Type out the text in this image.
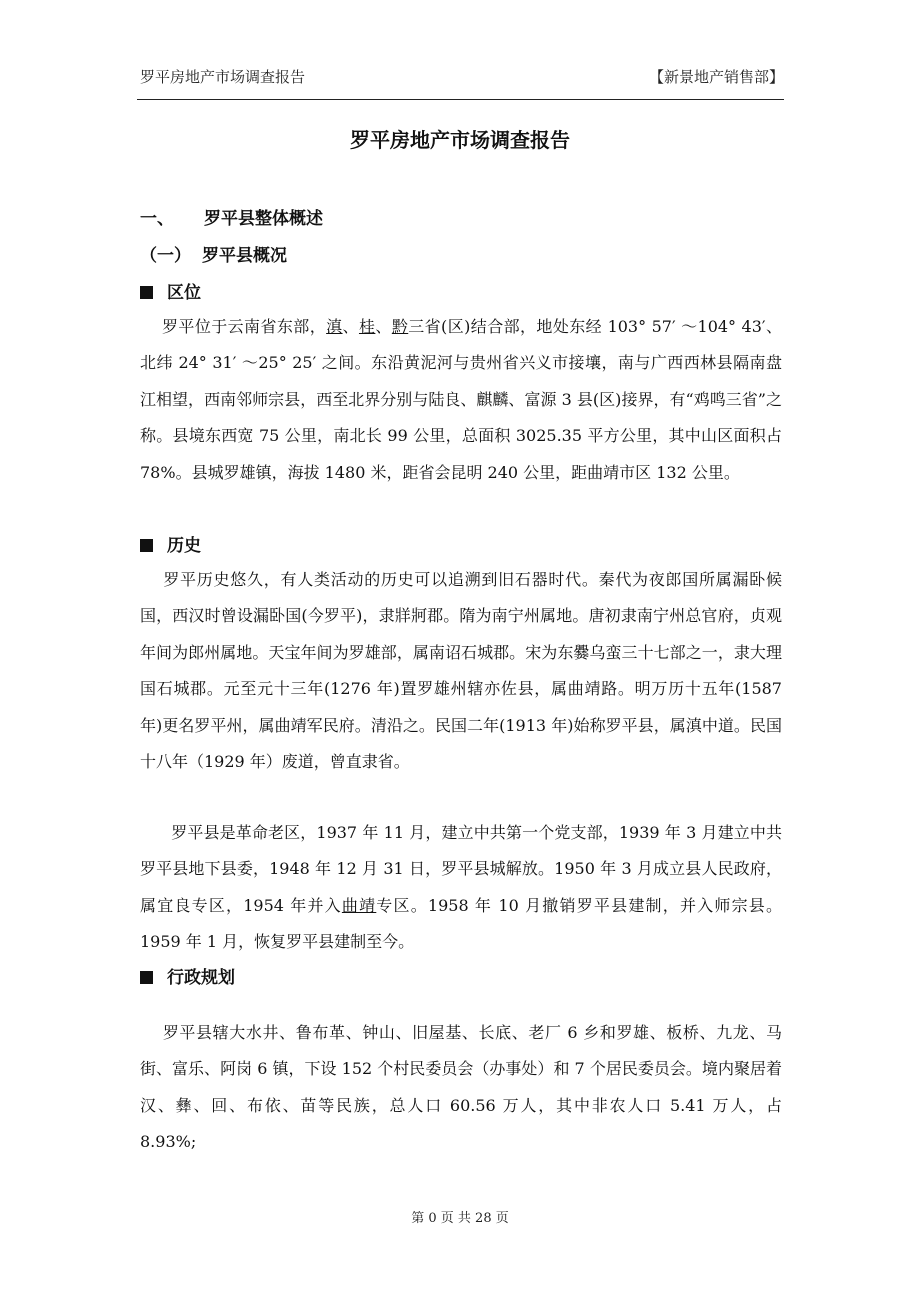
罗平房地产市场调查报告	【新景地产销售部】
罗平房地产市场调查报告
一、 罗平县整体概述
（一） 罗平县概况
区位
罗平位于云南省东部，滇、桂、黔三省(区)结合部，地处东经 103° 57′ ～104° 43′、北纬 24° 31′ ～25° 25′ 之间。东沿黄泥河与贵州省兴义市接壤，南与广西西林县隔南盘江相望，西南邻师宗县，西至北界分别与陆良、麒麟、富源 3 县(区)接界，有“鸡鸣三省”之称。县境东西宽 75 公里，南北长 99 公里，总面积 3025.35 平方公里，其中山区面积占 78%。县城罗雄镇，海拔 1480 米，距省会昆明 240 公里，距曲靖市区 132 公里。
历史
罗平历史悠久，有人类活动的历史可以追溯到旧石器时代。秦代为夜郎国所属漏卧候国，西汉时曾设漏卧国(今罗平)，隶牂牁郡。隋为南宁州属地。唐初隶南宁州总官府，贞观年间为郎州属地。天宝年间为罗雄部，属南诏石城郡。宋为东爨乌蛮三十七部之一，隶大理国石城郡。元至元十三年(1276 年)置罗雄州辖亦佐县，属曲靖路。明万历十五年(1587 年)更名罗平州，属曲靖军民府。清沿之。民国二年(1913 年)始称罗平县，属滇中道。民国十八年（1929 年）废道，曾直隶省。
罗平县是革命老区，1937 年 11 月，建立中共第一个党支部，1939 年 3 月建立中共罗平县地下县委，1948 年 12 月 31 日，罗平县城解放。1950 年 3 月成立县人民政府，属宜良专区，1954 年并入曲靖专区。1958 年 10 月撤销罗平县建制，并入师宗县。1959 年 1 月，恢复罗平县建制至今。
行政规划
罗平县辖大水井、鲁布革、钟山、旧屋基、长底、老厂 6 乡和罗雄、板桥、九龙、马街、富乐、阿岗 6 镇，下设 152 个村民委员会（办事处）和 7 个居民委员会。境内聚居着汉、彝、回、布依、苗等民族，总人口 60.56 万人，其中非农人口 5.41 万人，占 8.93%;
第 0 页 共 28 页
